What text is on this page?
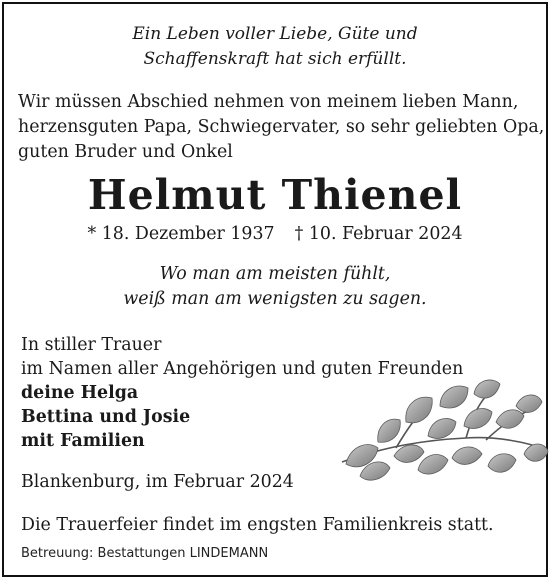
Ein Leben voller Liebe, Güte und
Schaffenskraft hat sich erfüllt.
Wir müssen Abschied nehmen von meinem lieben Mann,
herzensguten Papa, Schwiegervater, so sehr geliebten Opa,
guten Bruder und Onkel
Helmut Thienel
* 18. Dezember 1937 † 10. Februar 2024
Wo man am meisten fühlt,
weiß man am wenigsten zu sagen.
In stiller Trauer
im Namen aller Angehörigen und guten Freunden
deine Helga
Bettina und Josie
mit Familien
Blankenburg, im Februar 2024
Die Trauerfeier findet im engsten Familienkreis statt.
Betreuung: Bestattungen LINDEMANN
